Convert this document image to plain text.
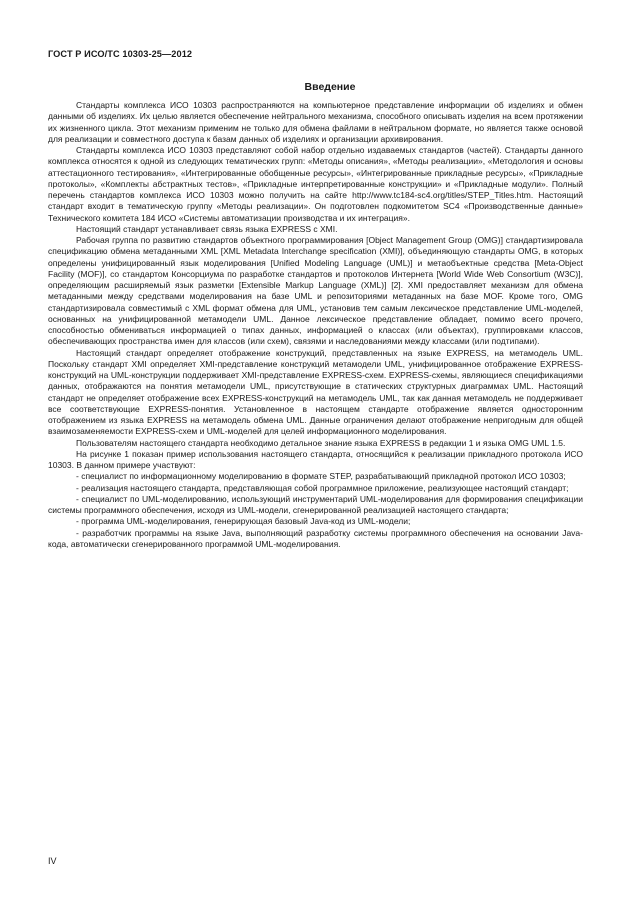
ГОСТ Р ИСО/ТС 10303-25—2012
Введение

Стандарты комплекса ИСО 10303 распространяются на компьютерное представление информации об изделиях и обмен данными об изделиях. Их целью является обеспечение нейтрального механизма, способного описывать изделия на всем протяжении их жизненного цикла. Этот механизм применим не только для обмена файлами в нейтральном формате, но является также основой для реализации и совместного доступа к базам данных об изделиях и организации архивирования.

Стандарты комплекса ИСО 10303 представляют собой набор отдельно издаваемых стандартов (частей). Стандарты данного комплекса относятся к одной из следующих тематических групп: «Методы описания», «Методы реализации», «Методология и основы аттестационного тестирования», «Интегрированные обобщенные ресурсы», «Интегрированные прикладные ресурсы», «Прикладные протоколы», «Комплекты абстрактных тестов», «Прикладные интерпретированные конструкции» и «Прикладные модули». Полный перечень стандартов комплекса ИСО 10303 можно получить на сайте http://www.tc184-sc4.org/titles/STEP_Titles.htm. Настоящий стандарт входит в тематическую группу «Методы реализации». Он подготовлен подкомитетом SC4 «Производственные данные» Технического комитета 184 ИСО «Системы автоматизации производства и их интеграция».

Настоящий стандарт устанавливает связь языка EXPRESS с XMI.

Рабочая группа по развитию стандартов объектного программирования [Object Management Group (OMG)] стандартизировала спецификацию обмена метаданными XML [XML Metadata Interchange specification (XMI)], объединяющую стандарты OMG, в которых определены унифицированный язык моделирования [Unified Modeling Language (UML)] и метаобъектные средства [Meta-Object Facility (MOF)], со стандартом Консорциума по разработке стандартов и протоколов Интернета [World Wide Web Consortium (W3C)], определяющим расширяемый язык разметки [Extensible Markup Language (XML)] [2]. XMI предоставляет механизм для обмена метаданными между средствами моделирования на базе UML и репозиториями метаданных на базе MOF. Кроме того, OMG стандартизировала совместимый с XML формат обмена для UML, установив тем самым лексическое представление UML-моделей, основанных на унифицированной метамодели UML. Данное лексическое представление обладает, помимо всего прочего, способностью обмениваться информацией о типах данных, информацией о классах (или объектах), группировками классов, обеспечивающих пространства имен для классов (или схем), связями и наследованиями между классами (или подтипами).

Настоящий стандарт определяет отображение конструкций, представленных на языке EXPRESS, на метамодель UML. Поскольку стандарт XMI определяет XMI-представление конструкций метамодели UML, унифицированное отображение EXPRESS-конструкций на UML-конструкции поддерживает XMI-представление EXPRESS-схем. EXPRESS-схемы, являющиеся спецификациями данных, отображаются на понятия метамодели UML, присутствующие в статических структурных диаграммах UML. Настоящий стандарт не определяет отображение всех EXPRESS-конструкций на метамодель UML, так как данная метамодель не поддерживает все соответствующие EXPRESS-понятия. Установленное в настоящем стандарте отображение является односторонним отображением из языка EXPRESS на метамодель обмена UML. Данные ограничения делают отображение непригодным для общей взаимозаменяемости EXPRESS-схем и UML-моделей для целей информационного моделирования.

Пользователям настоящего стандарта необходимо детальное знание языка EXPRESS в редакции 1 и языка OMG UML 1.5.

На рисунке 1 показан пример использования настоящего стандарта, относящийся к реализации прикладного протокола ИСО 10303. В данном примере участвуют:

- специалист по информационному моделированию в формате STEP, разрабатывающий прикладной протокол ИСО 10303;

- реализация настоящего стандарта, представляющая собой программное приложение, реализующее настоящий стандарт;

- специалист по UML-моделированию, использующий инструментарий UML-моделирования для формирования спецификации системы программного обеспечения, исходя из UML-модели, сгенерированной реализацией настоящего стандарта;

- программа UML-моделирования, генерирующая базовый Java-код из UML-модели;

- разработчик программы на языке Java, выполняющий разработку системы программного обеспечения на основании Java-кода, автоматически сгенерированного программой UML-моделирования.

IV
